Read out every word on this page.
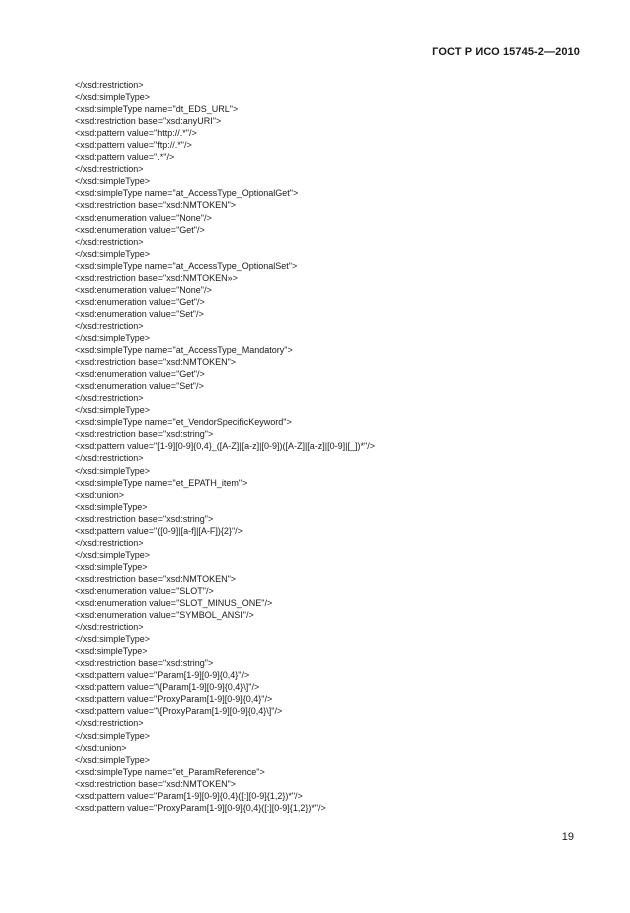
ГОСТ Р ИСО 15745-2—2010
</xsd:restriction>
</xsd:simpleType>
<xsd:simpleType name="dt_EDS_URL">
<xsd:restriction base="xsd:anyURI">
<xsd:pattern value="http://.*"/>
<xsd:pattern value="ftp://.*"/>
<xsd:pattern value=".*"/>
</xsd:restriction>
</xsd:simpleType>
<xsd:simpleType name="at_AccessType_OptionalGet">
<xsd:restriction base="xsd:NMTOKEN">
<xsd:enumeration value="None"/>
<xsd:enumeration value="Get"/>
</xsd:restriction>
</xsd:simpleType>
<xsd:simpleType name="at_AccessType_OptionalSet">
<xsd:restriction base="xsd:NMTOKEN»>
<xsd:enumeration value="None"/>
<xsd:enumeration value="Get"/>
<xsd:enumeration value="Set"/>
</xsd:restriction>
</xsd:simpleType>
<xsd:simpleType name="at_AccessType_Mandatory">
<xsd:restriction base="xsd:NMTOKEN">
<xsd:enumeration value="Get"/>
<xsd:enumeration value="Set"/>
</xsd:restriction>
</xsd:simpleType>
<xsd:simpleType name="et_VendorSpecificKeyword">
<xsd:restriction base="xsd:string">
<xsd:pattern value="[1-9][0-9]{0,4}_([A-Z]|[a-z]|[0-9])([A-Z]|[a-z]|[0-9]|[_])*"/>
</xsd:restriction>
</xsd:simpleType>
<xsd:simpleType name="et_EPATH_item">
<xsd:union>
<xsd:simpleType>
<xsd:restriction base="xsd:string">
<xsd:pattern value="([0-9]|[a-f]|[A-F]){2}"/>
</xsd:restriction>
</xsd:simpleType>
<xsd:simpleType>
<xsd:restriction base="xsd:NMTOKEN">
<xsd:enumeration value="SLOT"/>
<xsd:enumeration value="SLOT_MINUS_ONE"/>
<xsd:enumeration value="SYMBOL_ANSI"/>
</xsd:restriction>
</xsd:simpleType>
<xsd:simpleType>
<xsd:restriction base="xsd:string">
<xsd:pattern value="Param[1-9][0-9]{0,4}"/>
<xsd:pattern value="\[Param[1-9][0-9]{0,4}\]"/>
<xsd:pattern value="ProxyParam[1-9][0-9]{0,4}"/>
<xsd:pattern value="\[ProxyParam[1-9][0-9]{0,4}\]"/>
</xsd:restriction>
</xsd:simpleType>
</xsd:union>
</xsd:simpleType>
<xsd:simpleType name="et_ParamReference">
<xsd:restriction base="xsd:NMTOKEN">
<xsd:pattern value="Param[1-9][0-9]{0,4}([:][0-9]{1,2})*"/>
<xsd:pattern value="ProxyParam[1-9][0-9]{0,4}([:][0-9]{1,2})*"/>
19
